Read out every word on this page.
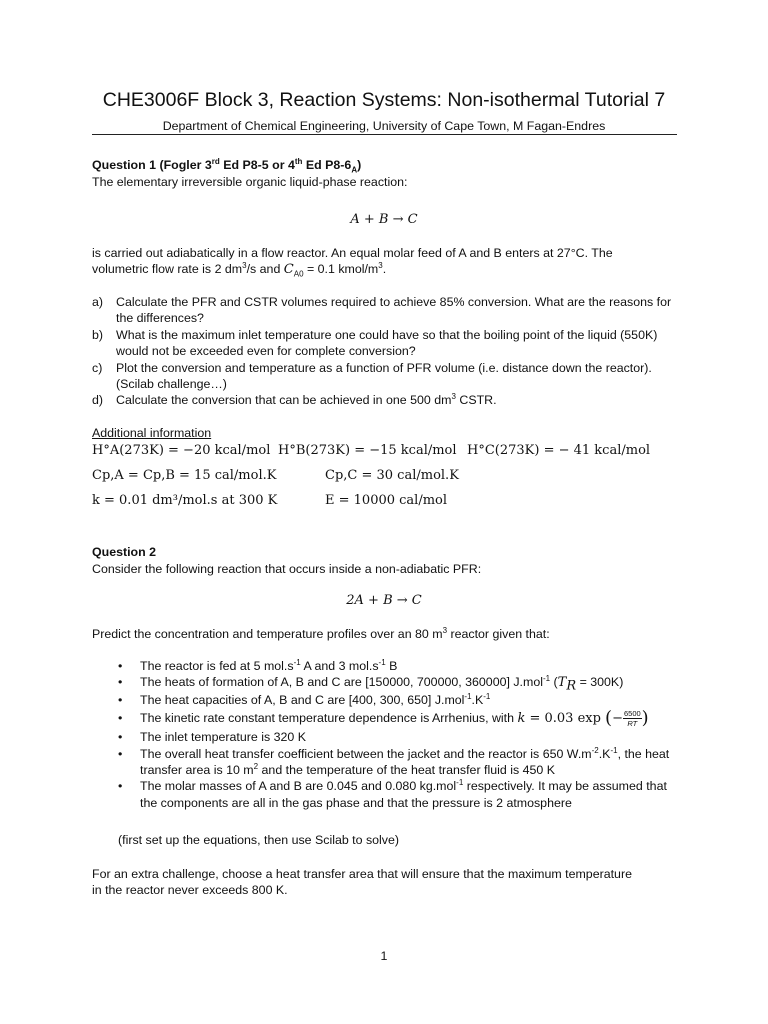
CHE3006F Block 3, Reaction Systems: Non-isothermal Tutorial 7
Department of Chemical Engineering, University of Cape Town, M Fagan-Endres
Question 1 (Fogler 3rd Ed P8-5 or 4th Ed $P8-6_A$)
The elementary irreversible organic liquid-phase reaction:
A + B → C
is carried out adiabatically in a flow reactor. An equal molar feed of A and B enters at 27°C. The
volumetric flow rate is 2 $dm^3/s$ and $C_{A0} = 0.1$ kmol/$m^3$.
a) Calculate the PFR and CSTR volumes required to achieve 85% conversion. What are the reasons for the differences?
b) What is the maximum inlet temperature one could have so that the boiling point of the liquid (550K) would not be exceeded even for complete conversion?
c) Plot the conversion and temperature as a function of PFR volume (i.e. distance down the reactor). (Scilab challenge…)
d) Calculate the conversion that can be achieved in one 500 $dm^3$ CSTR.
Additional information
H°A(273K) = −20 kcal/mol H°B(273K) = −15 kcal/mol H°C(273K) = − 41 kcal/mol
Cp,A = Cp,B = 15 cal/mol.K	Cp,C = 30 cal/mol.K
k = 0.01 dm³/mol.s at 300 K	E = 10000 cal/mol
Question 2
Consider the following reaction that occurs inside a non-adiabatic PFR:
2A + B → C
Predict the concentration and temperature profiles over an 80 $m^3$ reactor given that:
• The reactor is fed at 5 $mol.s^{-1}$ A and 3 $mol.s^{-1}$ B
• The heats of formation of A, B and C are [150000, 700000, 360000] J.mol$^{-1}$ $(T_R = 300K)$
• The heat capacities of A, B and C are [400, 300, 650] $J.mol^{-1}.K^{-1}$
• The kinetic rate constant temperature dependence is Arrhenius, with k = 0.03 exp (− $\frac{6500}{RT}$ )
• The inlet temperature is 320 K
• The overall heat transfer coefficient between the jacket and the reactor is 650 $W.m^{-2}.K^{-1}$, the heat transfer area is 10 $m^2$ and the temperature of the heat transfer fluid is 450 K
• The molar masses of A and B are 0.045 and 0.080 kg.mol$^{-1}$ respectively. It may be assumed that the components are all in the gas phase and that the pressure is 2 atmosphere
(first set up the equations, then use Scilab to solve)
For an extra challenge, choose a heat transfer area that will ensure that the maximum temperature
in the reactor never exceeds 800 K.
1
